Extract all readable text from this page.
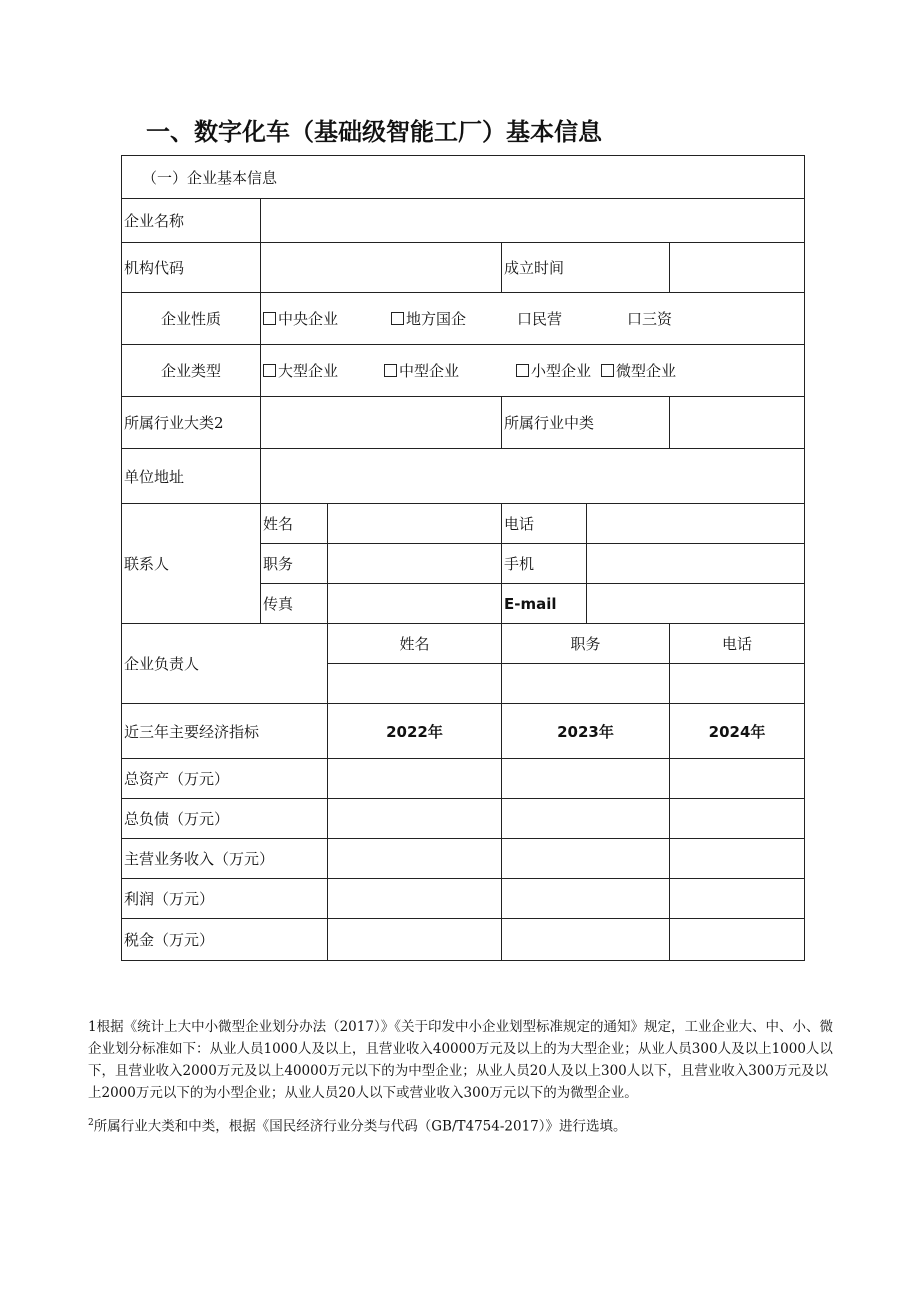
一、数字化车（基础级智能工厂）基本信息
（一）企业基本信息					
企业名称					
机构代码			成立时间		
企业性质	中央企业 地方国企 口民营 口三资				
企业类型	大型企业 中型企业 小型企业 微型企业				
所属行业大类2			所属行业中类		
单位地址					
联系人	姓名		电话		
	职务		手机		
	传真		E-mail		
企业负责人		姓名	职务		电话

近三年主要经济指标		2022年	2023年		2024年
总资产（万元）					
总负债（万元）					
主营业务收入（万元）					
利润（万元）					
税金（万元）					

1根据《统计上大中小微型企业划分办法（2017）》《关于印发中小企业划型标准规定的通知》规定，工业企业大、中、小、微企业划分标准如下：从业人员1000人及以上，且营业收入40000万元及以上的为大型企业；从业人员300人及以上1000人以下，且营业收入2000万元及以上40000万元以下的为中型企业；从业人员20人及以上300人以下，且营业收入300万元及以上2000万元以下的为小型企业；从业人员20人以下或营业收入300万元以下的为微型企业。

$^2$所属行业大类和中类，根据《国民经济行业分类与代码（GB/T4754-2017）》进行选填。
